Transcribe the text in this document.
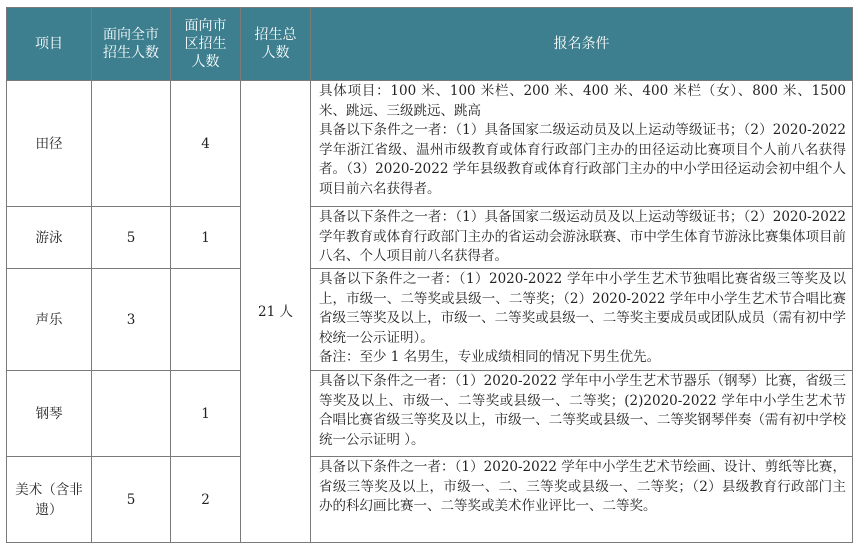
项目	面向全市招生人数	面向市区招生人数	招生总人数	报名条件
田径		4	21 人	具体项目：100 米、100 米栏、200 米、400 米、400 米栏（女）、800 米、1500 米、跳远、三级跳远、跳高
具备以下条件之一者：（1）具备国家二级运动员及以上运动等级证书；（2）2020-2022 学年浙江省级、温州市级教育或体育行政部门主办的田径运动比赛项目个人前八名获得者。（3）2020-2022 学年县级教育或体育行政部门主办的中小学田径运动会初中组个人项目前六名获得者。

游泳	5	1		具备以下条件之一者：（1）具备国家二级运动员及以上运动等级证书；（2）2020-2022 学年教育或体育行政部门主办的省运动会游泳联赛、市中学生体育节游泳比赛集体项目前八名、个人项目前八名获得者。

声乐	3			具备以下条件之一者：（1）2020-2022 学年中小学生艺术节独唱比赛省级三等奖及以上，市级一、二等奖或县级一、二等奖；（2）2020-2022 学年中小学生艺术节合唱比赛省级三等奖及以上，市级一、二等奖或县级一、二等奖主要成员或团队成员（需有初中学校统一公示证明）。
备注：至少 1 名男生，专业成绩相同的情况下男生优先。

钢琴		1		具备以下条件之一者：（1）2020-2022 学年中小学生艺术节器乐（钢琴）比赛，省级三等奖及以上、市级一、二等奖或县级一、二等奖；(2)2020-2022 学年中小学生艺术节合唱比赛省级三等奖及以上，市级一、二等奖或县级一、二等奖钢琴伴奏（需有初中学校统一公示证明 ）。

美术（含非遗）	5	2		具备以下条件之一者：（1）2020-2022 学年中小学生艺术节绘画、设计、剪纸等比赛，省级三等奖及以上，市级一、二、三等奖或县级一、二等奖；（2）县级教育行政部门主办的科幻画比赛一、二等奖或美术作业评比一、二等奖。
